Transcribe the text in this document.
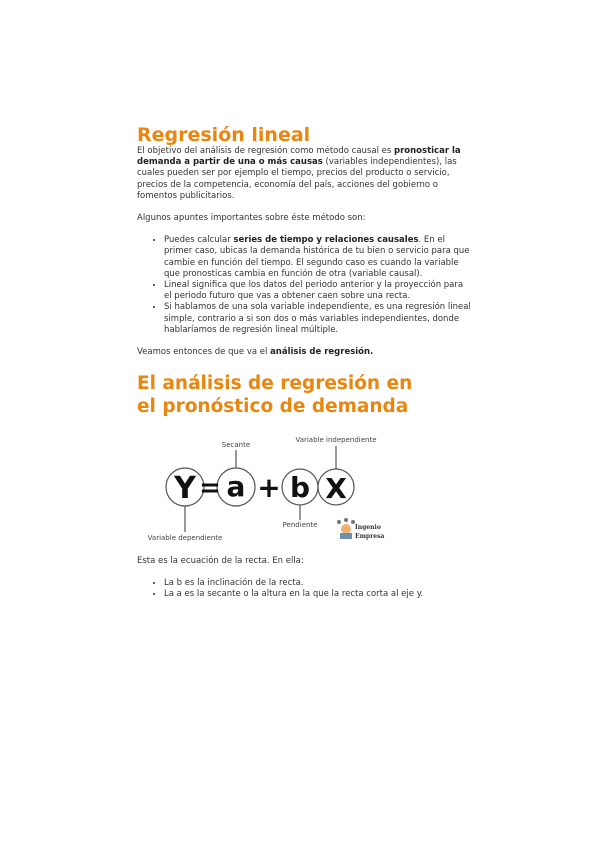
Regresión lineal

El objetivo del análisis de regresión como método causal es pronosticar la demanda a partir de una o más causas (variables independientes), las cuales pueden ser por ejemplo el tiempo, precios del producto o servicio, precios de la competencia, economía del país, acciones del gobierno o fomentos publicitarios.

Algunos apuntes importantes sobre éste método son:

• Puedes calcular series de tiempo y relaciones causales. En el primer caso, ubicas la demanda histórica de tu bien o servicio para que cambie en función del tiempo. El segundo caso es cuando la variable que pronosticas cambia en función de otra (variable causal).
• Lineal significa que los datos del periodo anterior y la proyección para el periodo futuro que vas a obtener caen sobre una recta.
• Si hablamos de una sola variable independiente, es una regresión lineal simple, contrario a si son dos o más variables independientes, donde hablaríamos de regresión lineal múltiple.

Veamos entonces de que va el análisis de regresión.

El análisis de regresión en el pronóstico de demanda
Y = a + b X
Secante
Variable independiente
Pendiente
Variable dependiente
Ingenio
Empresa

Esta es la ecuación de la recta. En ella:

• La b es la inclinación de la recta.
• La a es la secante o la altura en la que la recta corta al eje y.
